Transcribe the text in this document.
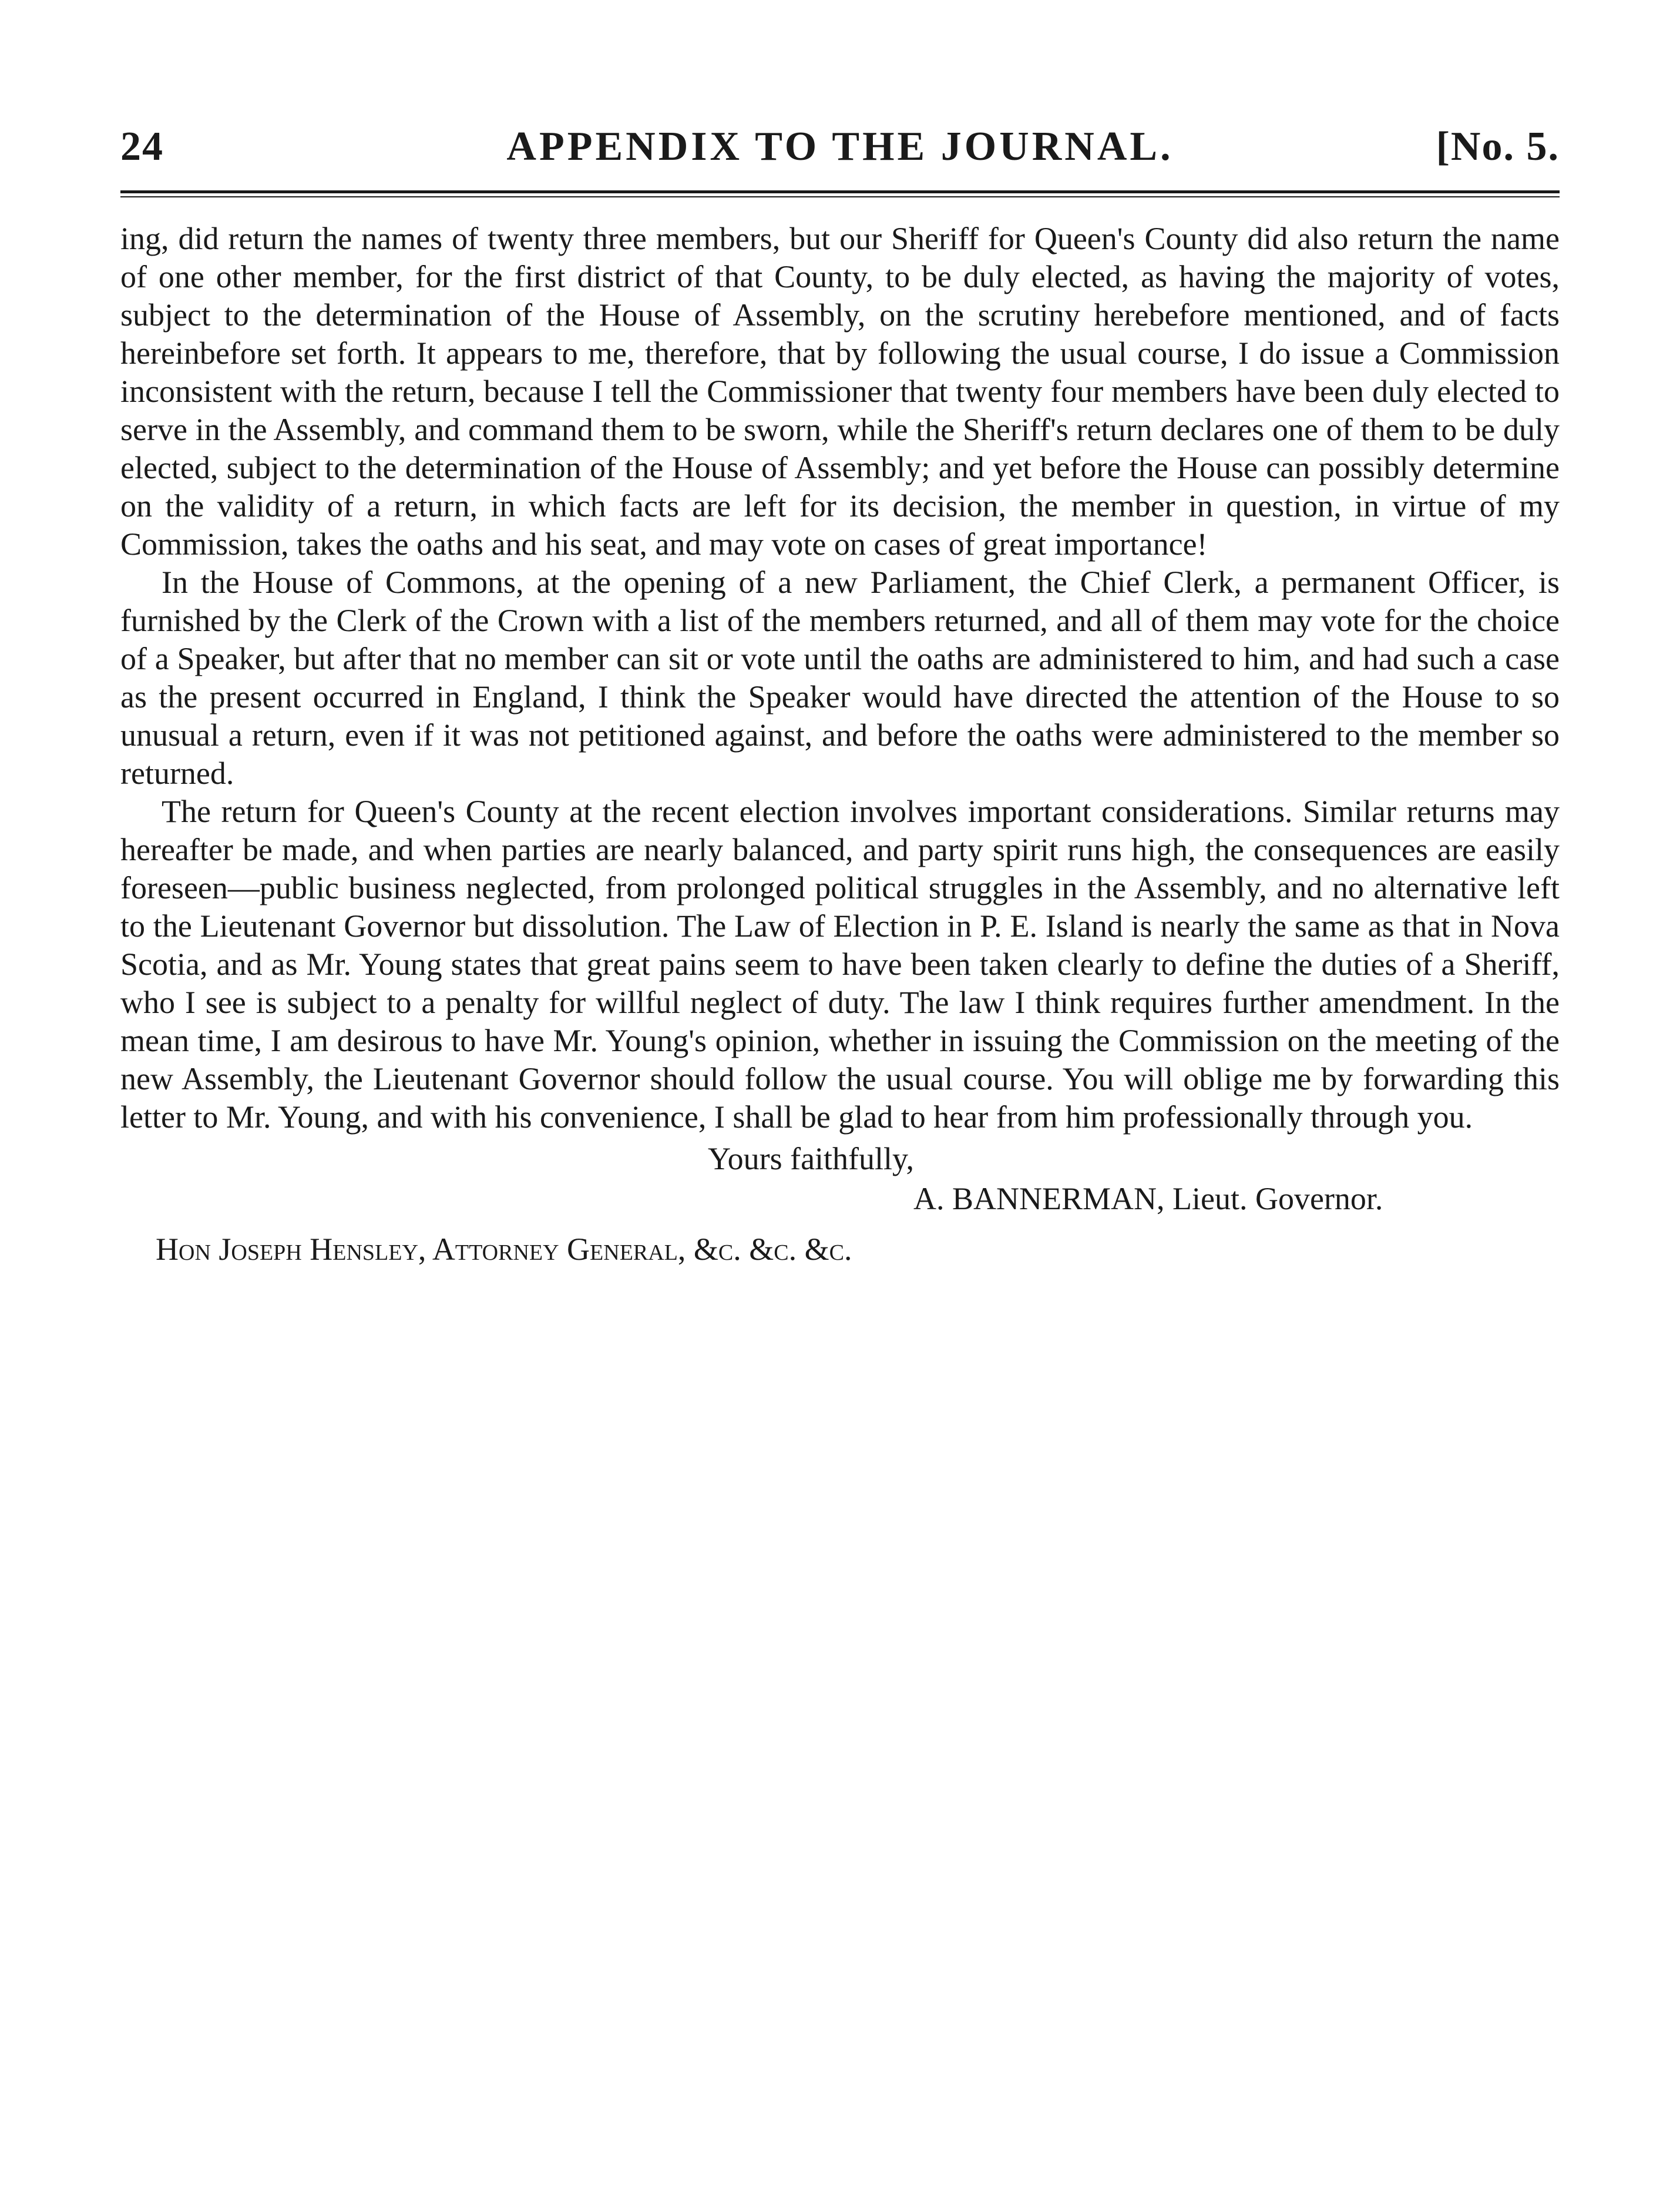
24	APPENDIX TO THE JOURNAL.	[No. 5.

ing, did return the names of twenty three members, but our Sheriff for Queen's County did also return the name of one other member, for the first district of that County, to be duly elected, as having the majority of votes, subject to the determination of the House of Assembly, on the scrutiny herebefore mentioned, and of facts hereinbefore set forth. It appears to me, therefore, that by following the usual course, I do issue a Commission inconsistent with the return, because I tell the Commissioner that twenty four members have been duly elected to serve in the Assembly, and command them to be sworn, while the Sheriff's return declares one of them to be duly elected, subject to the determination of the House of Assembly; and yet before the House can possibly determine on the validity of a return, in which facts are left for its decision, the member in question, in virtue of my Commission, takes the oaths and his seat, and may vote on cases of great importance!

In the House of Commons, at the opening of a new Parliament, the Chief Clerk, a permanent Officer, is furnished by the Clerk of the Crown with a list of the members returned, and all of them may vote for the choice of a Speaker, but after that no member can sit or vote until the oaths are administered to him, and had such a case as the present occurred in England, I think the Speaker would have directed the attention of the House to so unusual a return, even if it was not petitioned against, and before the oaths were administered to the member so returned.

The return for Queen's County at the recent election involves important considerations. Similar returns may hereafter be made, and when parties are nearly balanced, and party spirit runs high, the consequences are easily foreseen—public business neglected, from prolonged political struggles in the Assembly, and no alternative left to the Lieutenant Governor but dissolution. The Law of Election in P. E. Island is nearly the same as that in Nova Scotia, and as Mr. Young states that great pains seem to have been taken clearly to define the duties of a Sheriff, who I see is subject to a penalty for willful neglect of duty. The law I think requires further amendment. In the mean time, I am desirous to have Mr. Young's opinion, whether in issuing the Commission on the meeting of the new Assembly, the Lieutenant Governor should follow the usual course. You will oblige me by forwarding this letter to Mr. Young, and with his convenience, I shall be glad to hear from him professionally through you.

Yours faithfully,
A. BANNERMAN, Lieut. Governor.
Hon Joseph Hensley, Attorney General, &c. &c. &c.
